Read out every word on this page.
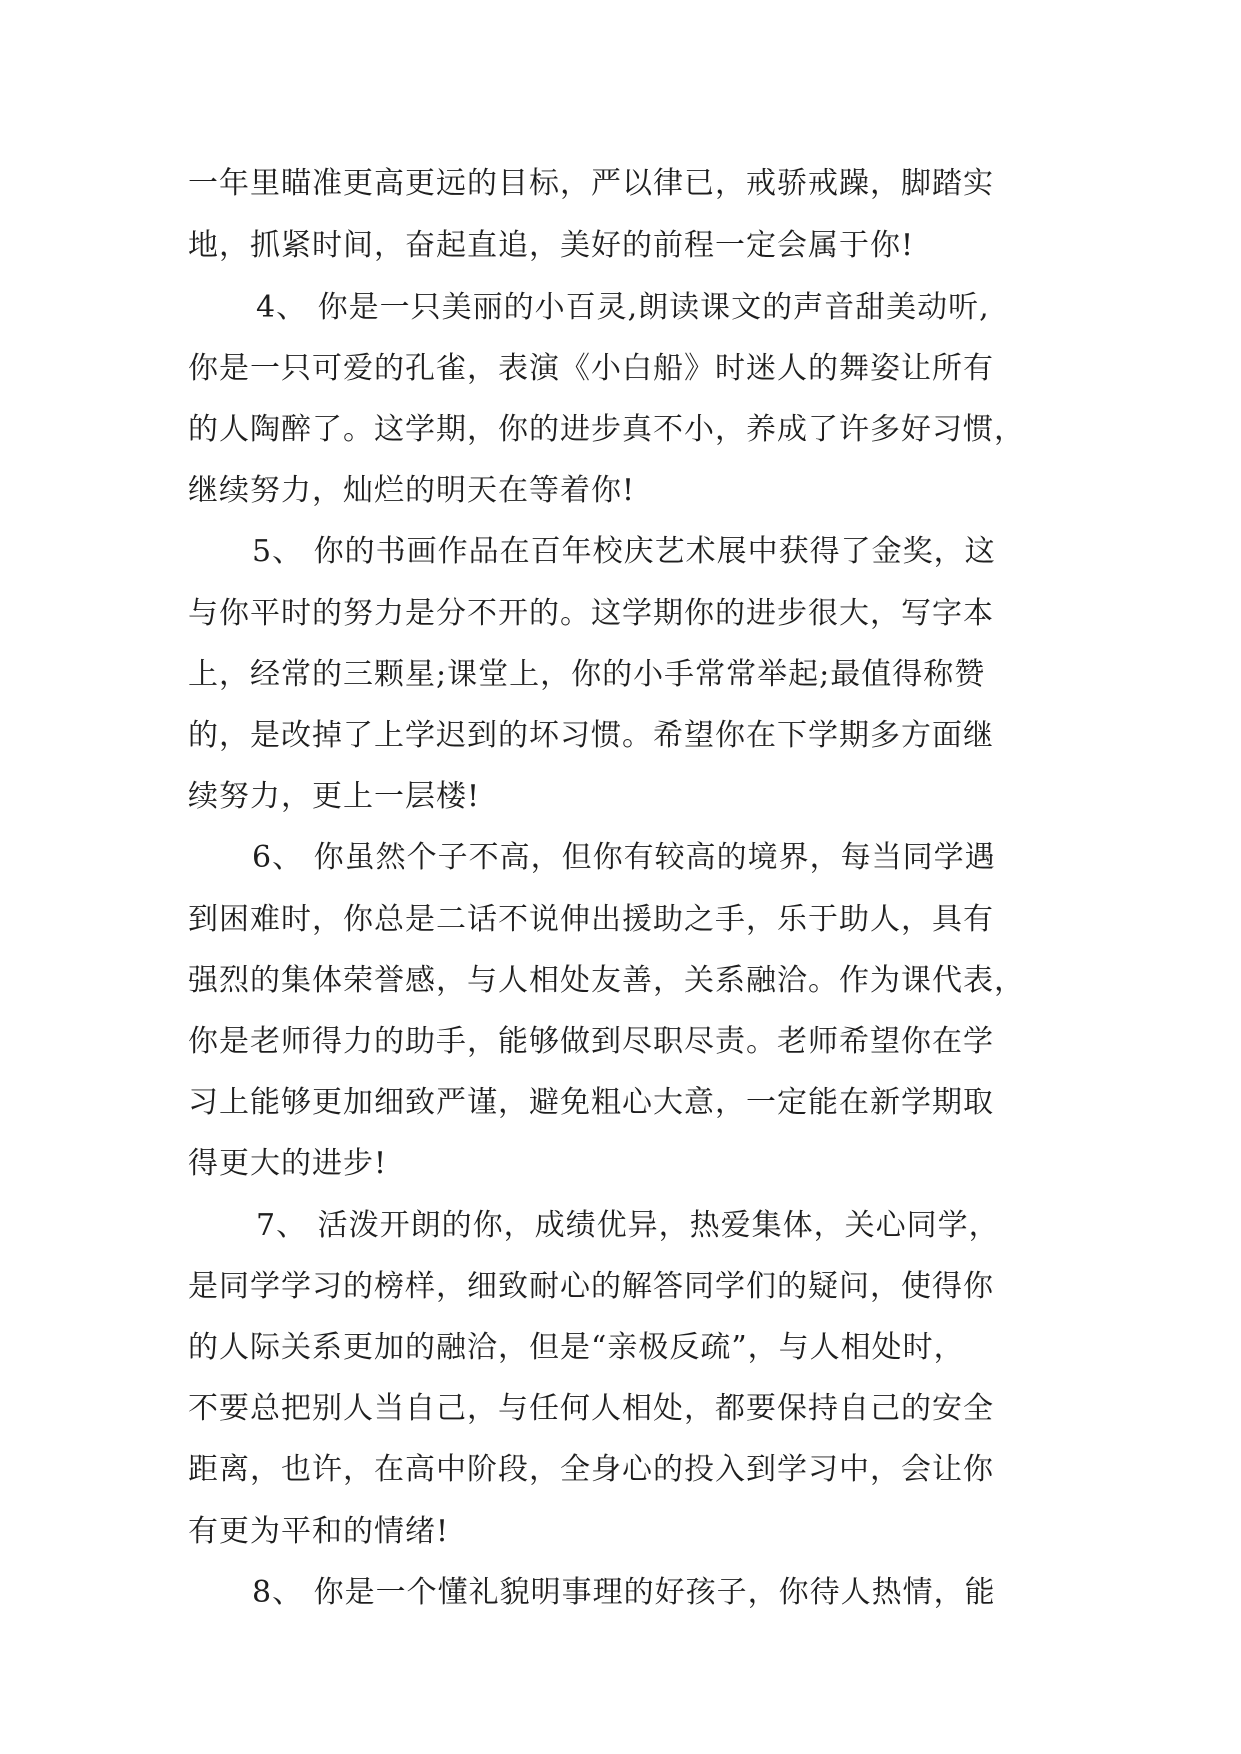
一年里瞄准更高更远的目标，严以律已，戒骄戒躁，脚踏实
地，抓紧时间，奋起直追，美好的前程一定会属于你!
4、 你是一只美丽的小百灵,朗读课文的声音甜美动听,
你是一只可爱的孔雀，表演《小白船》时迷人的舞姿让所有
的人陶醉了。这学期，你的进步真不小，养成了许多好习惯，
继续努力，灿烂的明天在等着你!
5、 你的书画作品在百年校庆艺术展中获得了金奖，这
与你平时的努力是分不开的。这学期你的进步很大，写字本
上，经常的三颗星;课堂上，你的小手常常举起;最值得称赞
的，是改掉了上学迟到的坏习惯。希望你在下学期多方面继
续努力，更上一层楼!
6、 你虽然个子不高，但你有较高的境界，每当同学遇
到困难时，你总是二话不说伸出援助之手，乐于助人，具有
强烈的集体荣誉感，与人相处友善，关系融洽。作为课代表，
你是老师得力的助手，能够做到尽职尽责。老师希望你在学
习上能够更加细致严谨，避免粗心大意，一定能在新学期取
得更大的进步!
7、 活泼开朗的你，成绩优异，热爱集体，关心同学，
是同学学习的榜样，细致耐心的解答同学们的疑问，使得你
的人际关系更加的融洽，但是“亲极反疏”，与人相处时，
不要总把别人当自己，与任何人相处，都要保持自己的安全
距离，也许，在高中阶段，全身心的投入到学习中，会让你
有更为平和的情绪!
8、 你是一个懂礼貌明事理的好孩子，你待人热情，能
